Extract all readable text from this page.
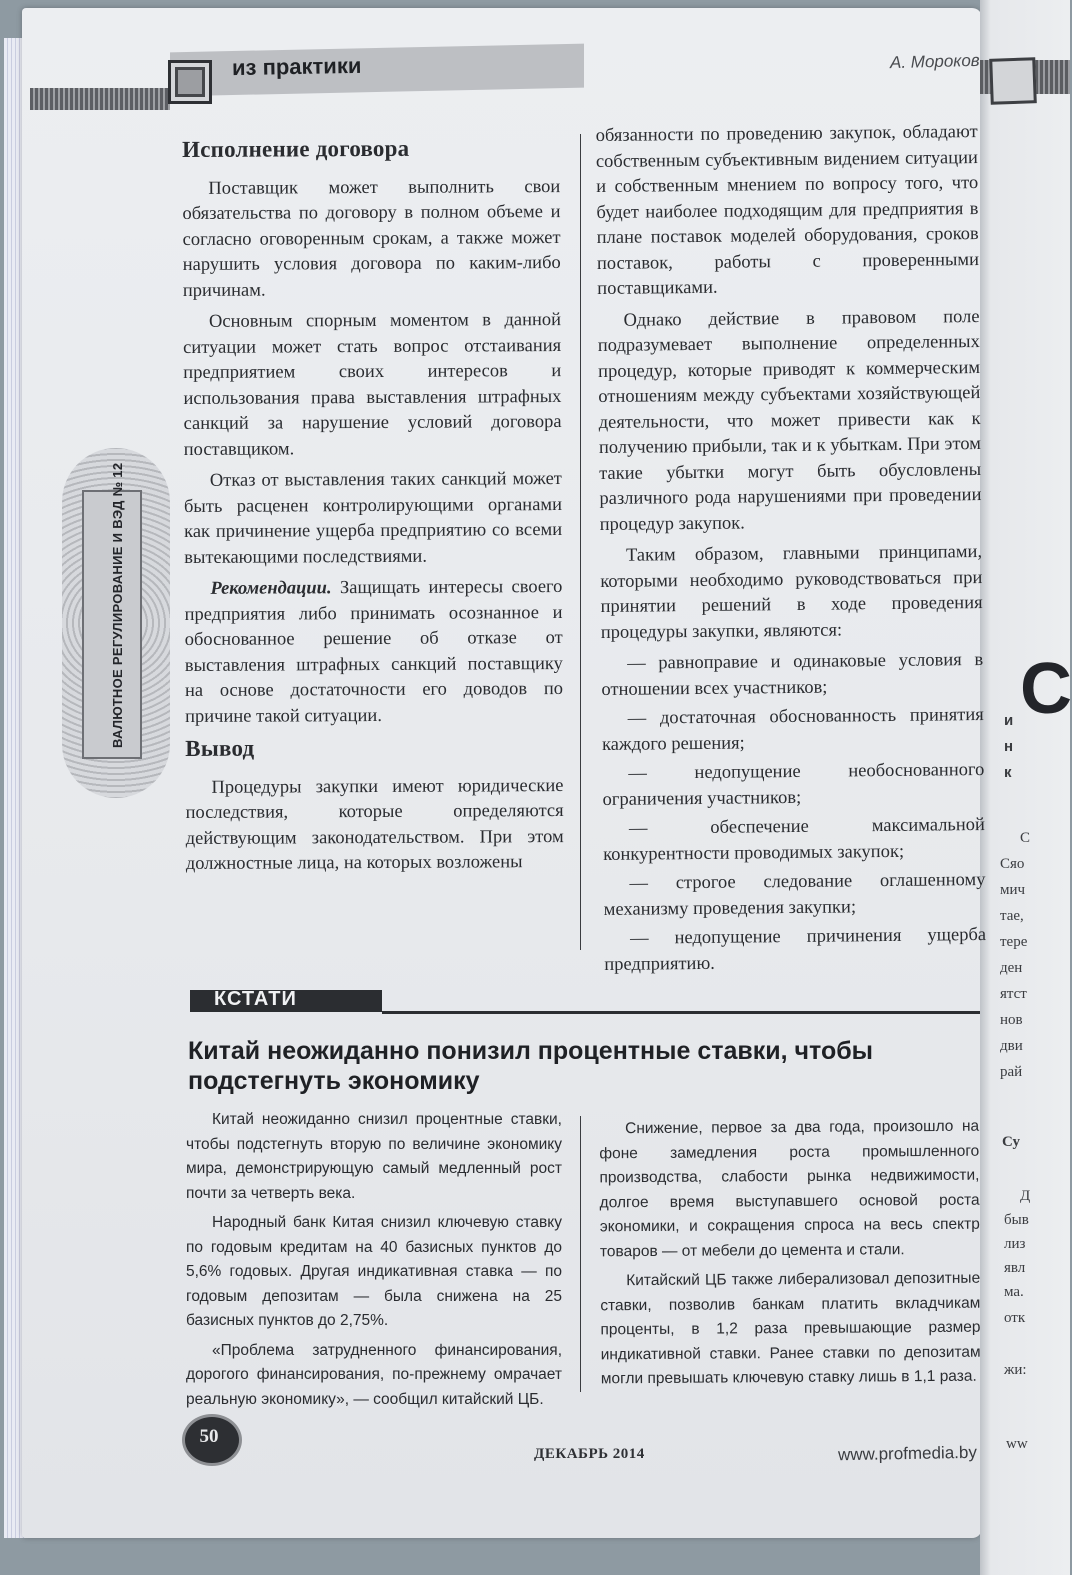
С
и
н
к
С
Сяо
мич
тае,
тере
ден
ятст
нов
дви
рай
Су
Д
быв
лиз
явл
ма.
отк
жи:
ww
из практики	А. Мороков
ВАЛЮТНОЕ РЕГУЛИРОВАНИЕ И ВЭД № 12
Исполнение договора

Поставщик может выполнить свои обязательства по договору в полном объеме и согласно оговоренным срокам, а также может нарушить условия договора по каким-либо причинам.

Основным спорным моментом в данной ситуации может стать вопрос отстаивания предприятием своих интересов и использования права выставления штрафных санкций за нарушение условий договора поставщиком.

Отказ от выставления таких санкций может быть расценен контролирующими органами как причинение ущерба предприятию со всеми вытекающими последствиями.

Рекомендации. Защищать интересы своего предприятия либо принимать осознанное и обоснованное решение об отказе от выставления штрафных санкций поставщику на основе достаточности его доводов по причине такой ситуации.

Вывод

Процедуры закупки имеют юридические последствия, которые определяются действующим законодательством. При этом должностные лица, на которых возложены

обязанности по проведению закупок, обладают собственным субъективным видением ситуации и собственным мнением по вопросу того, что будет наиболее подходящим для предприятия в плане поставок моделей оборудования, сроков поставок, работы с проверенными поставщиками.

Однако действие в правовом поле подразумевает выполнение определенных процедур, которые приводят к коммерческим отношениям между субъектами хозяйствующей деятельности, что может привести как к получению прибыли, так и к убыткам. При этом такие убытки могут быть обусловлены различного рода нарушениями при проведении процедур закупок.

Таким образом, главными принципами, которыми необходимо руководствоваться при принятии решений в ходе проведения процедуры закупки, являются:

— равноправие и одинаковые условия в отношении всех участников;

— достаточная обоснованность принятия каждого решения;

— недопущение необоснованного ограничения участников;

— обеспечение максимальной конкурентности проводимых закупок;

— строгое следование оглашенному механизму проведения закупки;

— недопущение причинения ущерба предприятию.

КСТАТИ
Китай неожиданно понизил процентные ставки, чтобы подстегнуть экономику

Китай неожиданно снизил процентные ставки, чтобы подстегнуть вторую по величине экономику мира, демонстрирующую самый медленный рост почти за четверть века.

Народный банк Китая снизил ключевую ставку по годовым кредитам на 40 базисных пунктов до 5,6% годовых. Другая индикативная ставка — по годовым депозитам — была снижена на 25 базисных пунктов до 2,75%.

«Проблема затрудненного финансирования, дорогого финансирования, по-прежнему омрачает реальную экономику», — сообщил китайский ЦБ.

Снижение, первое за два года, произошло на фоне замедления роста промышленного производства, слабости рынка недвижимости, долгое время выступавшего основой роста экономики, и сокращения спроса на весь спектр товаров — от мебели до цемента и стали.

Китайский ЦБ также либерализовал депозитные ставки, позволив банкам платить вкладчикам проценты, в 1,2 раза превышающие размер индикативной ставки. Ранее ставки по депозитам могли превышать ключевую ставку лишь в 1,1 раза.

50
ДЕКАБРЬ 2014	www.profmedia.by
